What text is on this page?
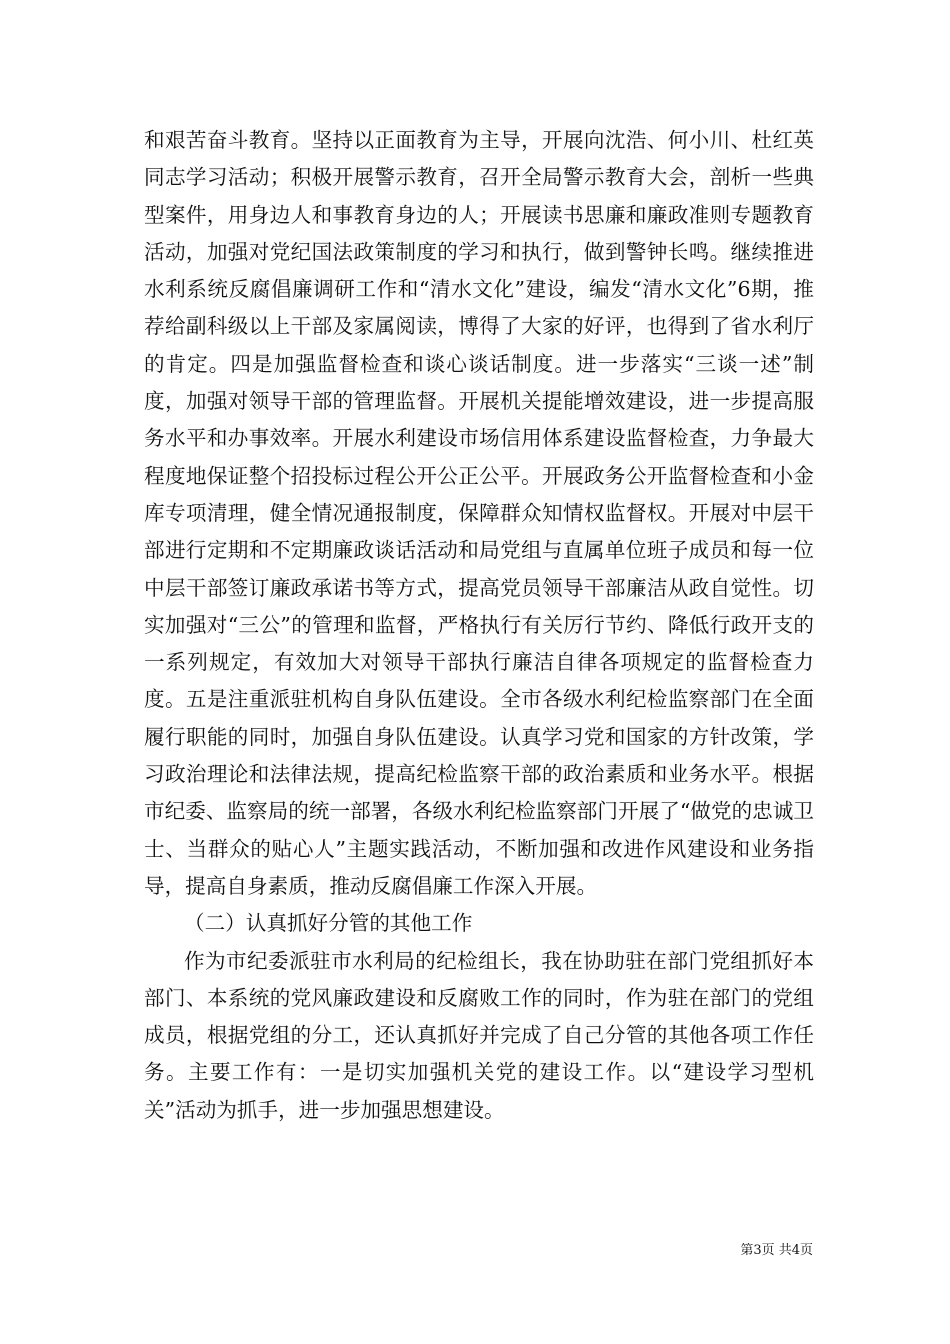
和艰苦奋斗教育。坚持以正面教育为主导，开展向沈浩、何小川、杜红英同志学习活动；积极开展警示教育，召开全局警示教育大会，剖析一些典型案件，用身边人和事教育身边的人；开展读书思廉和廉政准则专题教育活动，加强对党纪国法政策制度的学习和执行，做到警钟长鸣。继续推进水利系统反腐倡廉调研工作和“清水文化”建设，编发“清水文化”6期，推荐给副科级以上干部及家属阅读，博得了大家的好评，也得到了省水利厅的肯定。四是加强监督检查和谈心谈话制度。进一步落实“三谈一述”制度，加强对领导干部的管理监督。开展机关提能增效建设，进一步提高服务水平和办事效率。开展水利建设市场信用体系建设监督检查，力争最大程度地保证整个招投标过程公开公正公平。开展政务公开监督检查和小金库专项清理，健全情况通报制度，保障群众知情权监督权。开展对中层干部进行定期和不定期廉政谈话活动和局党组与直属单位班子成员和每一位中层干部签订廉政承诺书等方式，提高党员领导干部廉洁从政自觉性。切实加强对“三公”的管理和监督，严格执行有关厉行节约、降低行政开支的一系列规定，有效加大对领导干部执行廉洁自律各项规定的监督检查力度。五是注重派驻机构自身队伍建设。全市各级水利纪检监察部门在全面履行职能的同时，加强自身队伍建设。认真学习党和国家的方针改策，学习政治理论和法律法规，提高纪检监察干部的政治素质和业务水平。根据市纪委、监察局的统一部署，各级水利纪检监察部门开展了“做党的忠诚卫士、当群众的贴心人”主题实践活动，不断加强和改进作风建设和业务指导，提高自身素质，推动反腐倡廉工作深入开展。

（二）认真抓好分管的其他工作

作为市纪委派驻市水利局的纪检组长，我在协助驻在部门党组抓好本部门、本系统的党风廉政建设和反腐败工作的同时，作为驻在部门的党组成员，根据党组的分工，还认真抓好并完成了自己分管的其他各项工作任务。主要工作有：一是切实加强机关党的建设工作。以“建设学习型机关”活动为抓手，进一步加强思想建设。

第3页 共4页
